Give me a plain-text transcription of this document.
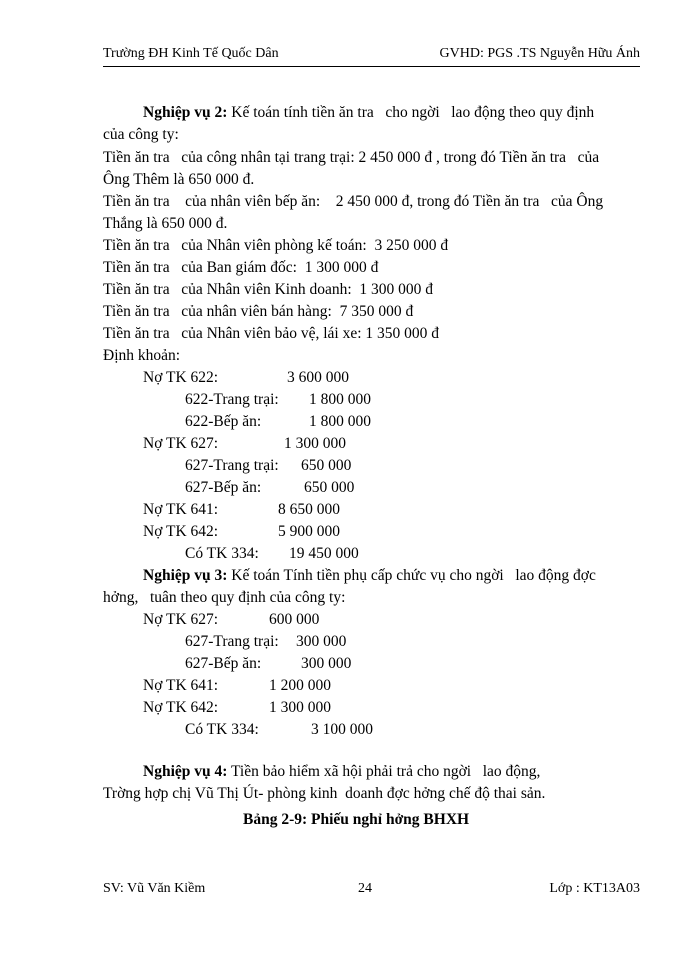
Trường ĐH Kinh Tế Quốc Dân	GVHD: PGS .TS Nguyễn Hữu Ánh
Nghiệp vụ 2: Kế toán tính tiền ăn tra   cho ngời   lao động theo quy định
của công ty:
Tiền ăn tra   của công nhân tại trang trại: 2 450 000 đ , trong đó Tiền ăn tra   của
Ông Thêm là 650 000 đ.
Tiền ăn tra    của nhân viên bếp ăn:    2 450 000 đ, trong đó Tiền ăn tra   của Ông
Thắng là 650 000 đ.
Tiền ăn tra   của Nhân viên phòng kế toán:  3 250 000 đ
Tiền ăn tra   của Ban giám đốc:  1 300 000 đ
Tiền ăn tra   của Nhân viên Kinh doanh:  1 300 000 đ
Tiền ăn tra   của nhân viên bán hàng:  7 350 000 đ
Tiền ăn tra   của Nhân viên bảo vệ, lái xe: 1 350 000 đ
Định khoản:
Nợ TK 622:	3 600 000
622-Trang trại: 1 800 000
622-Bếp ăn:	1 800 000
Nợ TK 627:	1 300 000
627-Trang trại: 650 000
627-Bếp ăn:	650 000
Nợ TK 641:	8 650 000
Nợ TK 642:	5 900 000
Có TK 334: 19 450 000
Nghiệp vụ 3: Kế toán Tính tiền phụ cấp chức vụ cho ngời   lao động đợc
hởng,   tuân theo quy định của công ty:
Nợ TK 627:	600 000
627-Trang trại: 300 000
627-Bếp ăn:	300 000
Nợ TK 641:	1 200 000
Nợ TK 642:	1 300 000
Có TK 334:	3 100 000
Nghiệp vụ 4: Tiền bảo hiểm xã hội phải trả cho ngời   lao động,
Trờng hợp chị Vũ Thị Út- phòng kinh  doanh đợc hởng chế độ thai sản.
Bảng 2-9: Phiếu nghỉ hởng BHXH
SV: Vũ Văn Kiềm	24	Lớp : KT13A03
